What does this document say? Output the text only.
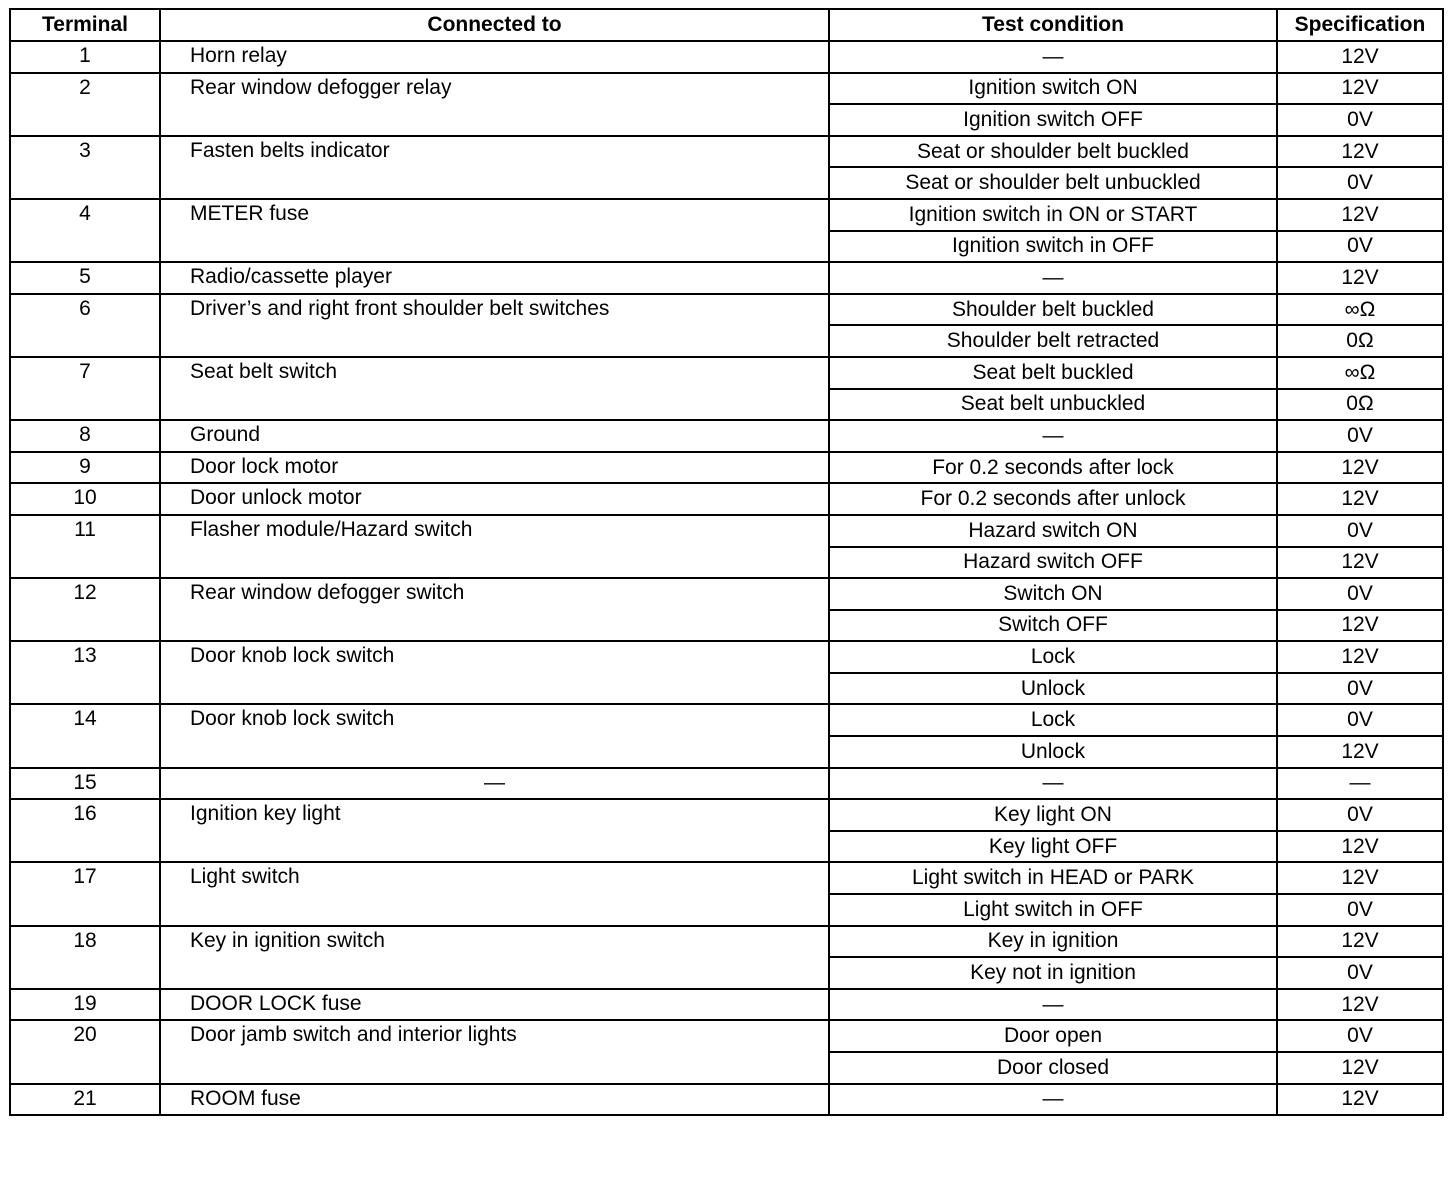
Terminal	Connected to	Test condition	Specification
1	Horn relay	—	12V
2	Rear window defogger relay	Ignition switch ON	12V
		Ignition switch OFF	0V
3	Fasten belts indicator	Seat or shoulder belt buckled	12V
		Seat or shoulder belt unbuckled	0V
4	METER fuse	Ignition switch in ON or START	12V
		Ignition switch in OFF	0V
5	Radio/cassette player	—	12V
6	Driver’s and right front shoulder belt switches	Shoulder belt buckled	∞Ω
		Shoulder belt retracted	0Ω
7	Seat belt switch	Seat belt buckled	∞Ω
		Seat belt unbuckled	0Ω
8	Ground	—	0V
9	Door lock motor	For 0.2 seconds after lock	12V
10	Door unlock motor	For 0.2 seconds after unlock	12V
11	Flasher module/Hazard switch	Hazard switch ON	0V
		Hazard switch OFF	12V
12	Rear window defogger switch	Switch ON	0V
		Switch OFF	12V
13	Door knob lock switch	Lock	12V
		Unlock	0V
14	Door knob lock switch	Lock	0V
		Unlock	12V
15	—	—	—
16	Ignition key light	Key light ON	0V
		Key light OFF	12V
17	Light switch	Light switch in HEAD or PARK	12V
		Light switch in OFF	0V
18	Key in ignition switch	Key in ignition	12V
		Key not in ignition	0V
19	DOOR LOCK fuse	—	12V
20	Door jamb switch and interior lights	Door open	0V
		Door closed	12V
21	ROOM fuse	—	12V
